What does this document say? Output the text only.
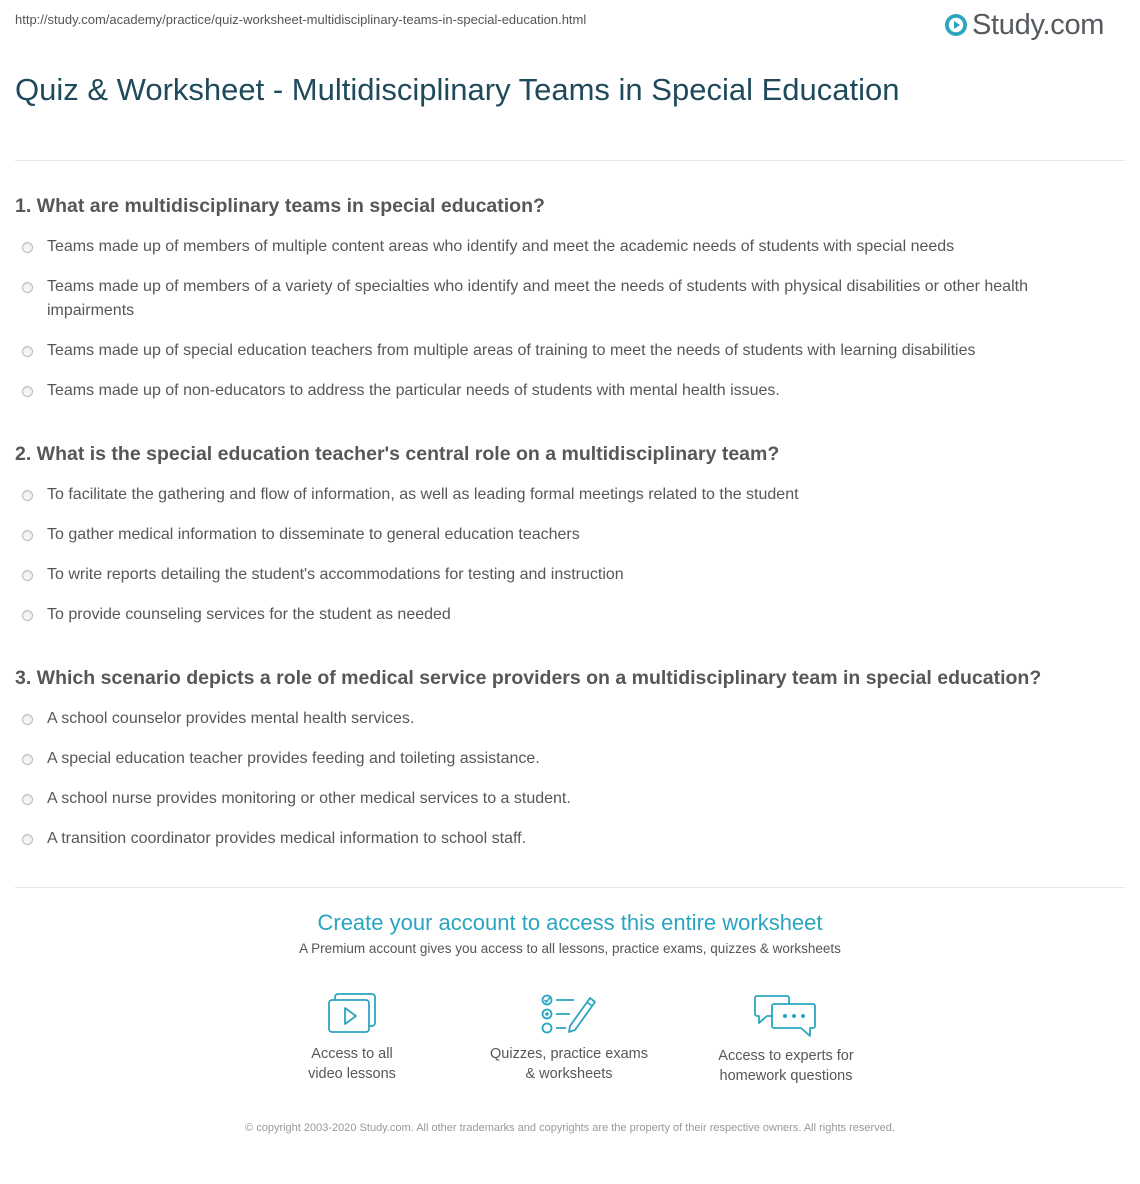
http://study.com/academy/practice/quiz-worksheet-multidisciplinary-teams-in-special-education.html	Study.com
Quiz & Worksheet - Multidisciplinary Teams in Special Education
1. What are multidisciplinary teams in special education?
Teams made up of members of multiple content areas who identify and meet the academic needs of students with special needs
Teams made up of members of a variety of specialties who identify and meet the needs of students with physical disabilities or other health impairments
Teams made up of special education teachers from multiple areas of training to meet the needs of students with learning disabilities
Teams made up of non-educators to address the particular needs of students with mental health issues.
2. What is the special education teacher's central role on a multidisciplinary team?
To facilitate the gathering and flow of information, as well as leading formal meetings related to the student
To gather medical information to disseminate to general education teachers
To write reports detailing the student's accommodations for testing and instruction
To provide counseling services for the student as needed
3. Which scenario depicts a role of medical service providers on a multidisciplinary team in special education?
A school counselor provides mental health services.
A special education teacher provides feeding and toileting assistance.
A school nurse provides monitoring or other medical services to a student.
A transition coordinator provides medical information to school staff.
Create your account to access this entire worksheet
A Premium account gives you access to all lessons, practice exams, quizzes & worksheets
Access to all
video lessons
Quizzes, practice exams
& worksheets
Access to experts for
homework questions
© copyright 2003-2020 Study.com. All other trademarks and copyrights are the property of their respective owners. All rights reserved.
